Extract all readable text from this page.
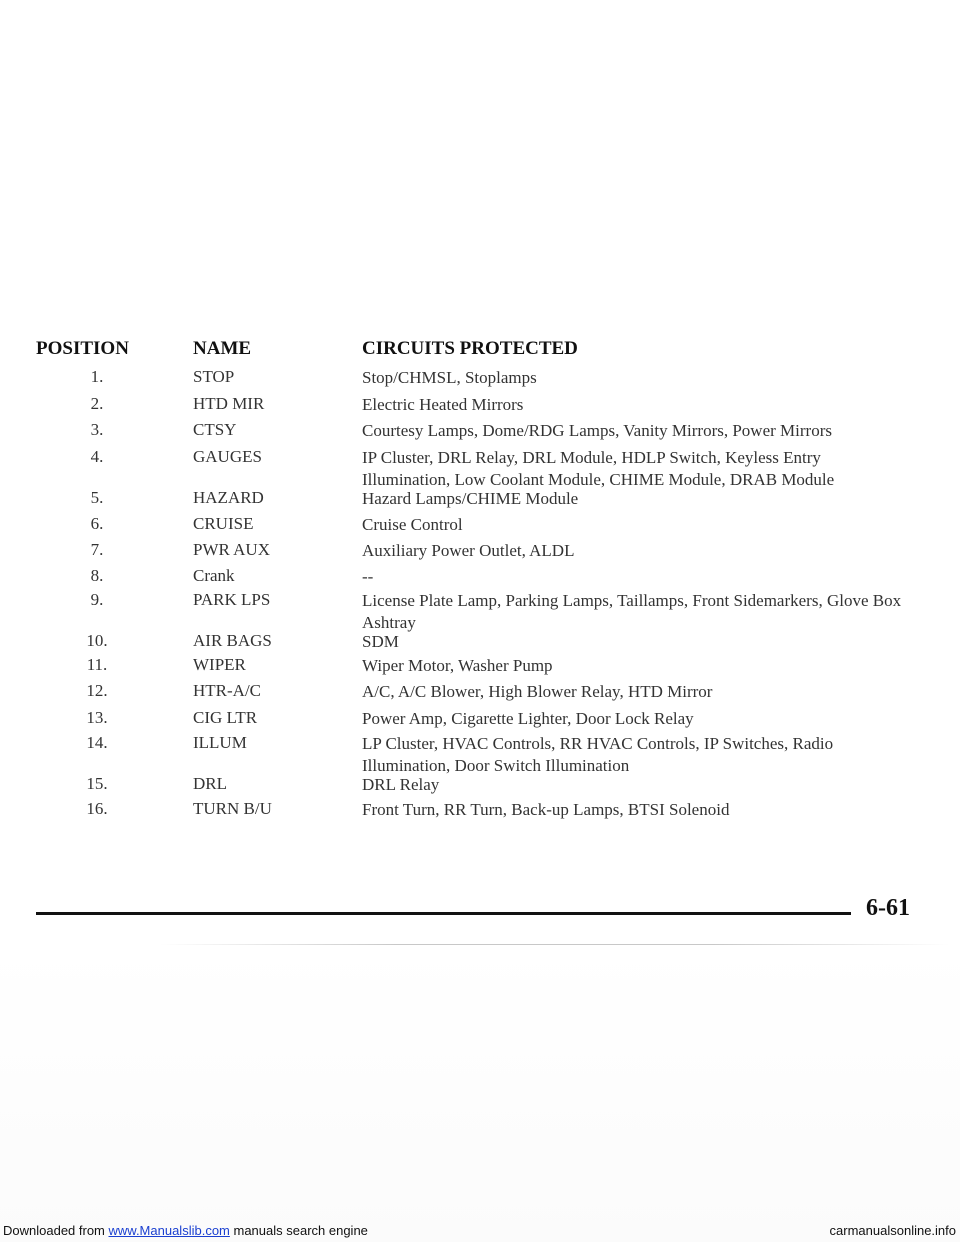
POSITION	NAME	CIRCUITS PROTECTED
1.	STOP	Stop/CHMSL, Stoplamps
2.	HTD MIR	Electric Heated Mirrors
3.	CTSY	Courtesy Lamps, Dome/RDG Lamps, Vanity Mirrors, Power Mirrors
4.	GAUGES	IP Cluster, DRL Relay, DRL Module, HDLP Switch, Keyless Entry Illumination, Low Coolant Module, CHIME Module, DRAB Module
5.	HAZARD	Hazard Lamps/CHIME Module
6.	CRUISE	Cruise Control
7.	PWR AUX	Auxiliary Power Outlet, ALDL
8.	Crank	--
9.	PARK LPS	License Plate Lamp, Parking Lamps, Taillamps, Front Sidemarkers, Glove Box Ashtray
10.	AIR BAGS	SDM
11.	WIPER	Wiper Motor, Washer Pump
12.	HTR-A/C	A/C, A/C Blower, High Blower Relay, HTD Mirror
13.	CIG LTR	Power Amp, Cigarette Lighter, Door Lock Relay
14.	ILLUM	LP Cluster, HVAC Controls, RR HVAC Controls, IP Switches, Radio Illumination, Door Switch Illumination
15.	DRL	DRL Relay
16.	TURN B/U	Front Turn, RR Turn, Back-up Lamps, BTSI Solenoid
6-61
Downloaded from www.Manualslib.com manuals search engine	carmanualsonline.info
